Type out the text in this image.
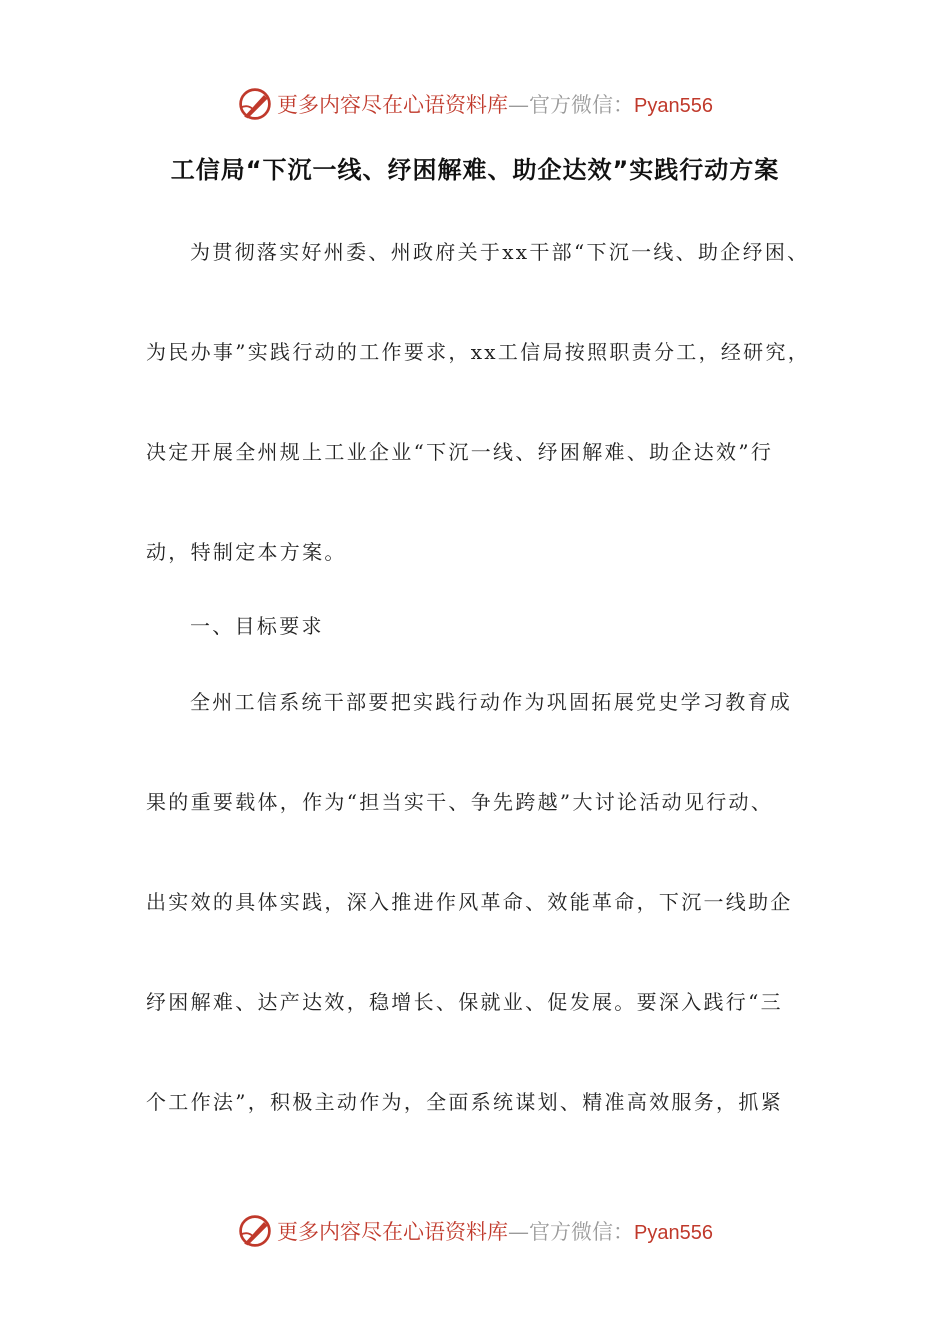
更多内容尽在心语资料库—官方微信：Pyan556
工信局“下沉一线、纾困解难、助企达效”实践行动方案
为贯彻落实好州委、州政府关于xx干部“下沉一线、助企纾困、
为民办事”实践行动的工作要求，xx工信局按照职责分工，经研究，
决定开展全州规上工业企业“下沉一线、纾困解难、助企达效”行
动，特制定本方案。
一、目标要求
全州工信系统干部要把实践行动作为巩固拓展党史学习教育成
果的重要载体，作为“担当实干、争先跨越”大讨论活动见行动、
出实效的具体实践，深入推进作风革命、效能革命，下沉一线助企
纾困解难、达产达效，稳增长、保就业、促发展。要深入践行“三
个工作法”，积极主动作为，全面系统谋划、精准高效服务，抓紧
更多内容尽在心语资料库—官方微信：Pyan556
